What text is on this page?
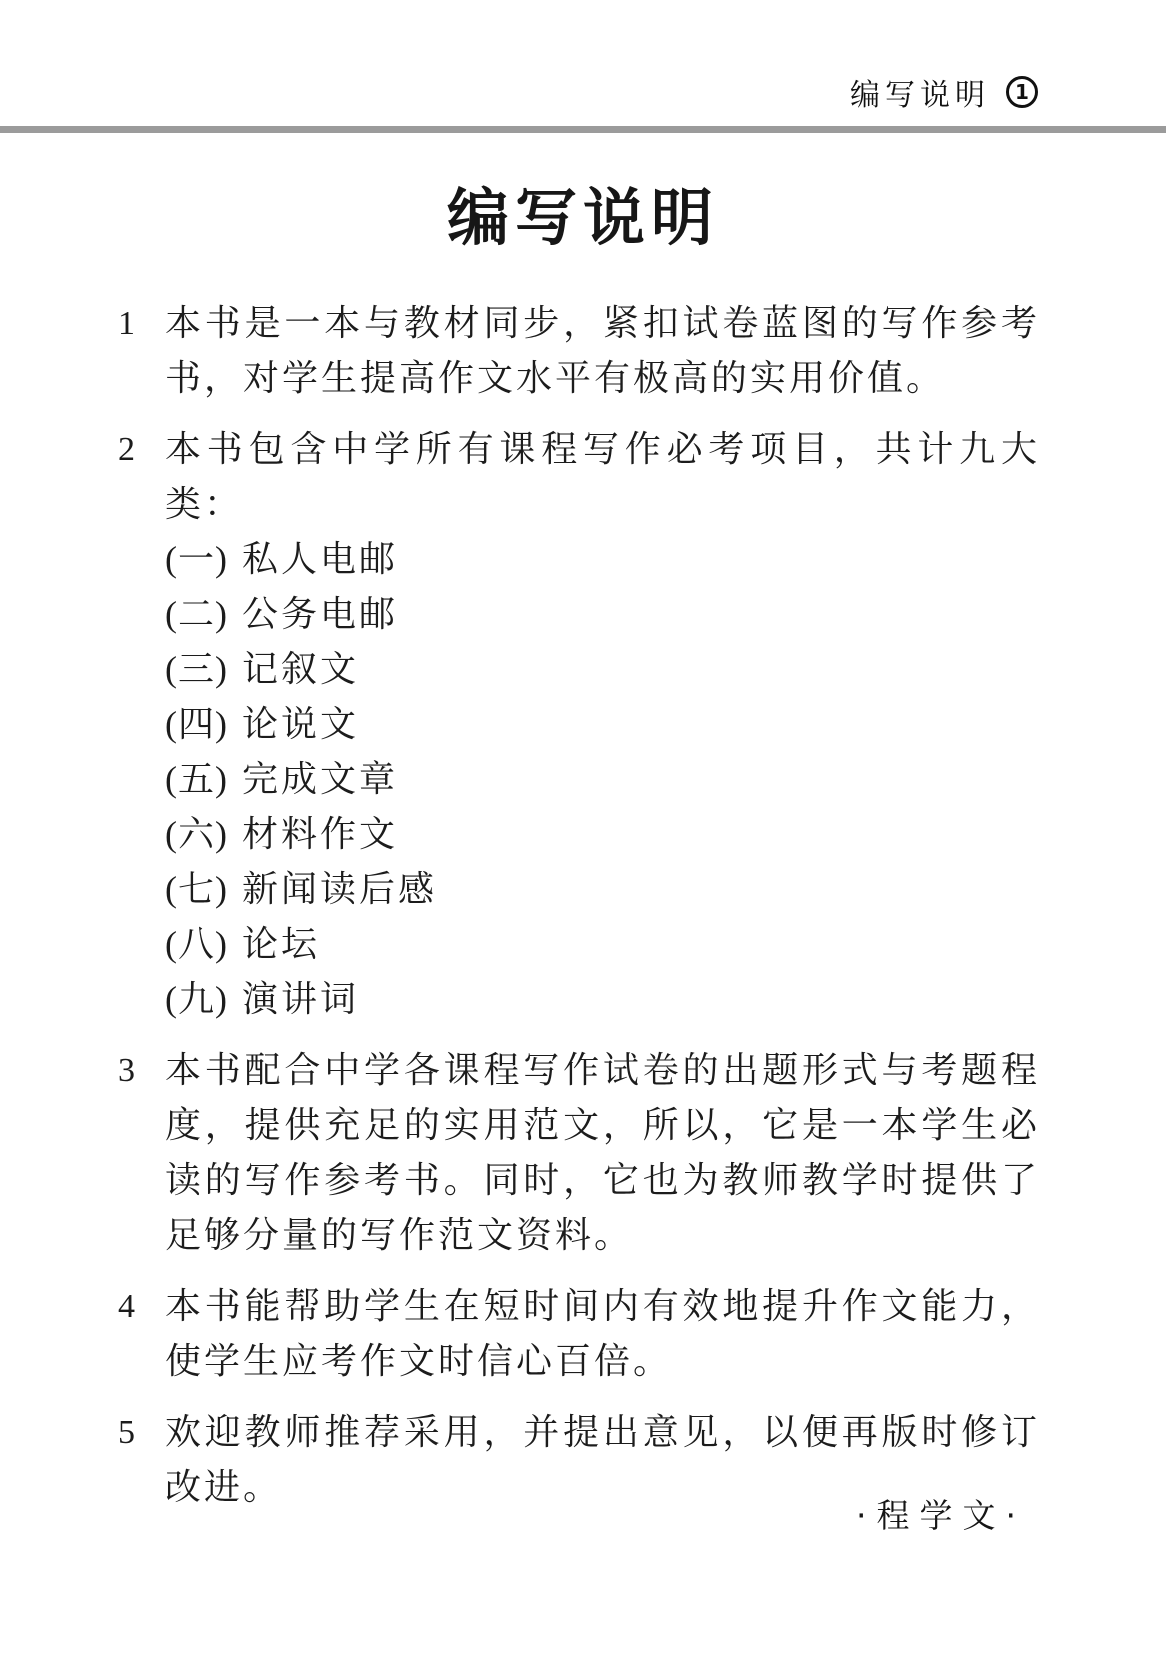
编写说明 1
编写说明
1 本书是一本与教材同步，紧扣试卷蓝图的写作参考书，对学生提高作文水平有极高的实用价值。
2 本书包含中学所有课程写作必考项目，共计九大类：
(一) 私人电邮
(二) 公务电邮
(三) 记叙文
(四) 论说文
(五) 完成文章
(六) 材料作文
(七) 新闻读后感
(八) 论坛
(九) 演讲词
3 本书配合中学各课程写作试卷的出题形式与考题程度，提供充足的实用范文，所以，它是一本学生必读的写作参考书。同时，它也为教师教学时提供了足够分量的写作范文资料。
4 本书能帮助学生在短时间内有效地提升作文能力，使学生应考作文时信心百倍。
5 欢迎教师推荐采用，并提出意见，以便再版时修订改进。
·程学文·
